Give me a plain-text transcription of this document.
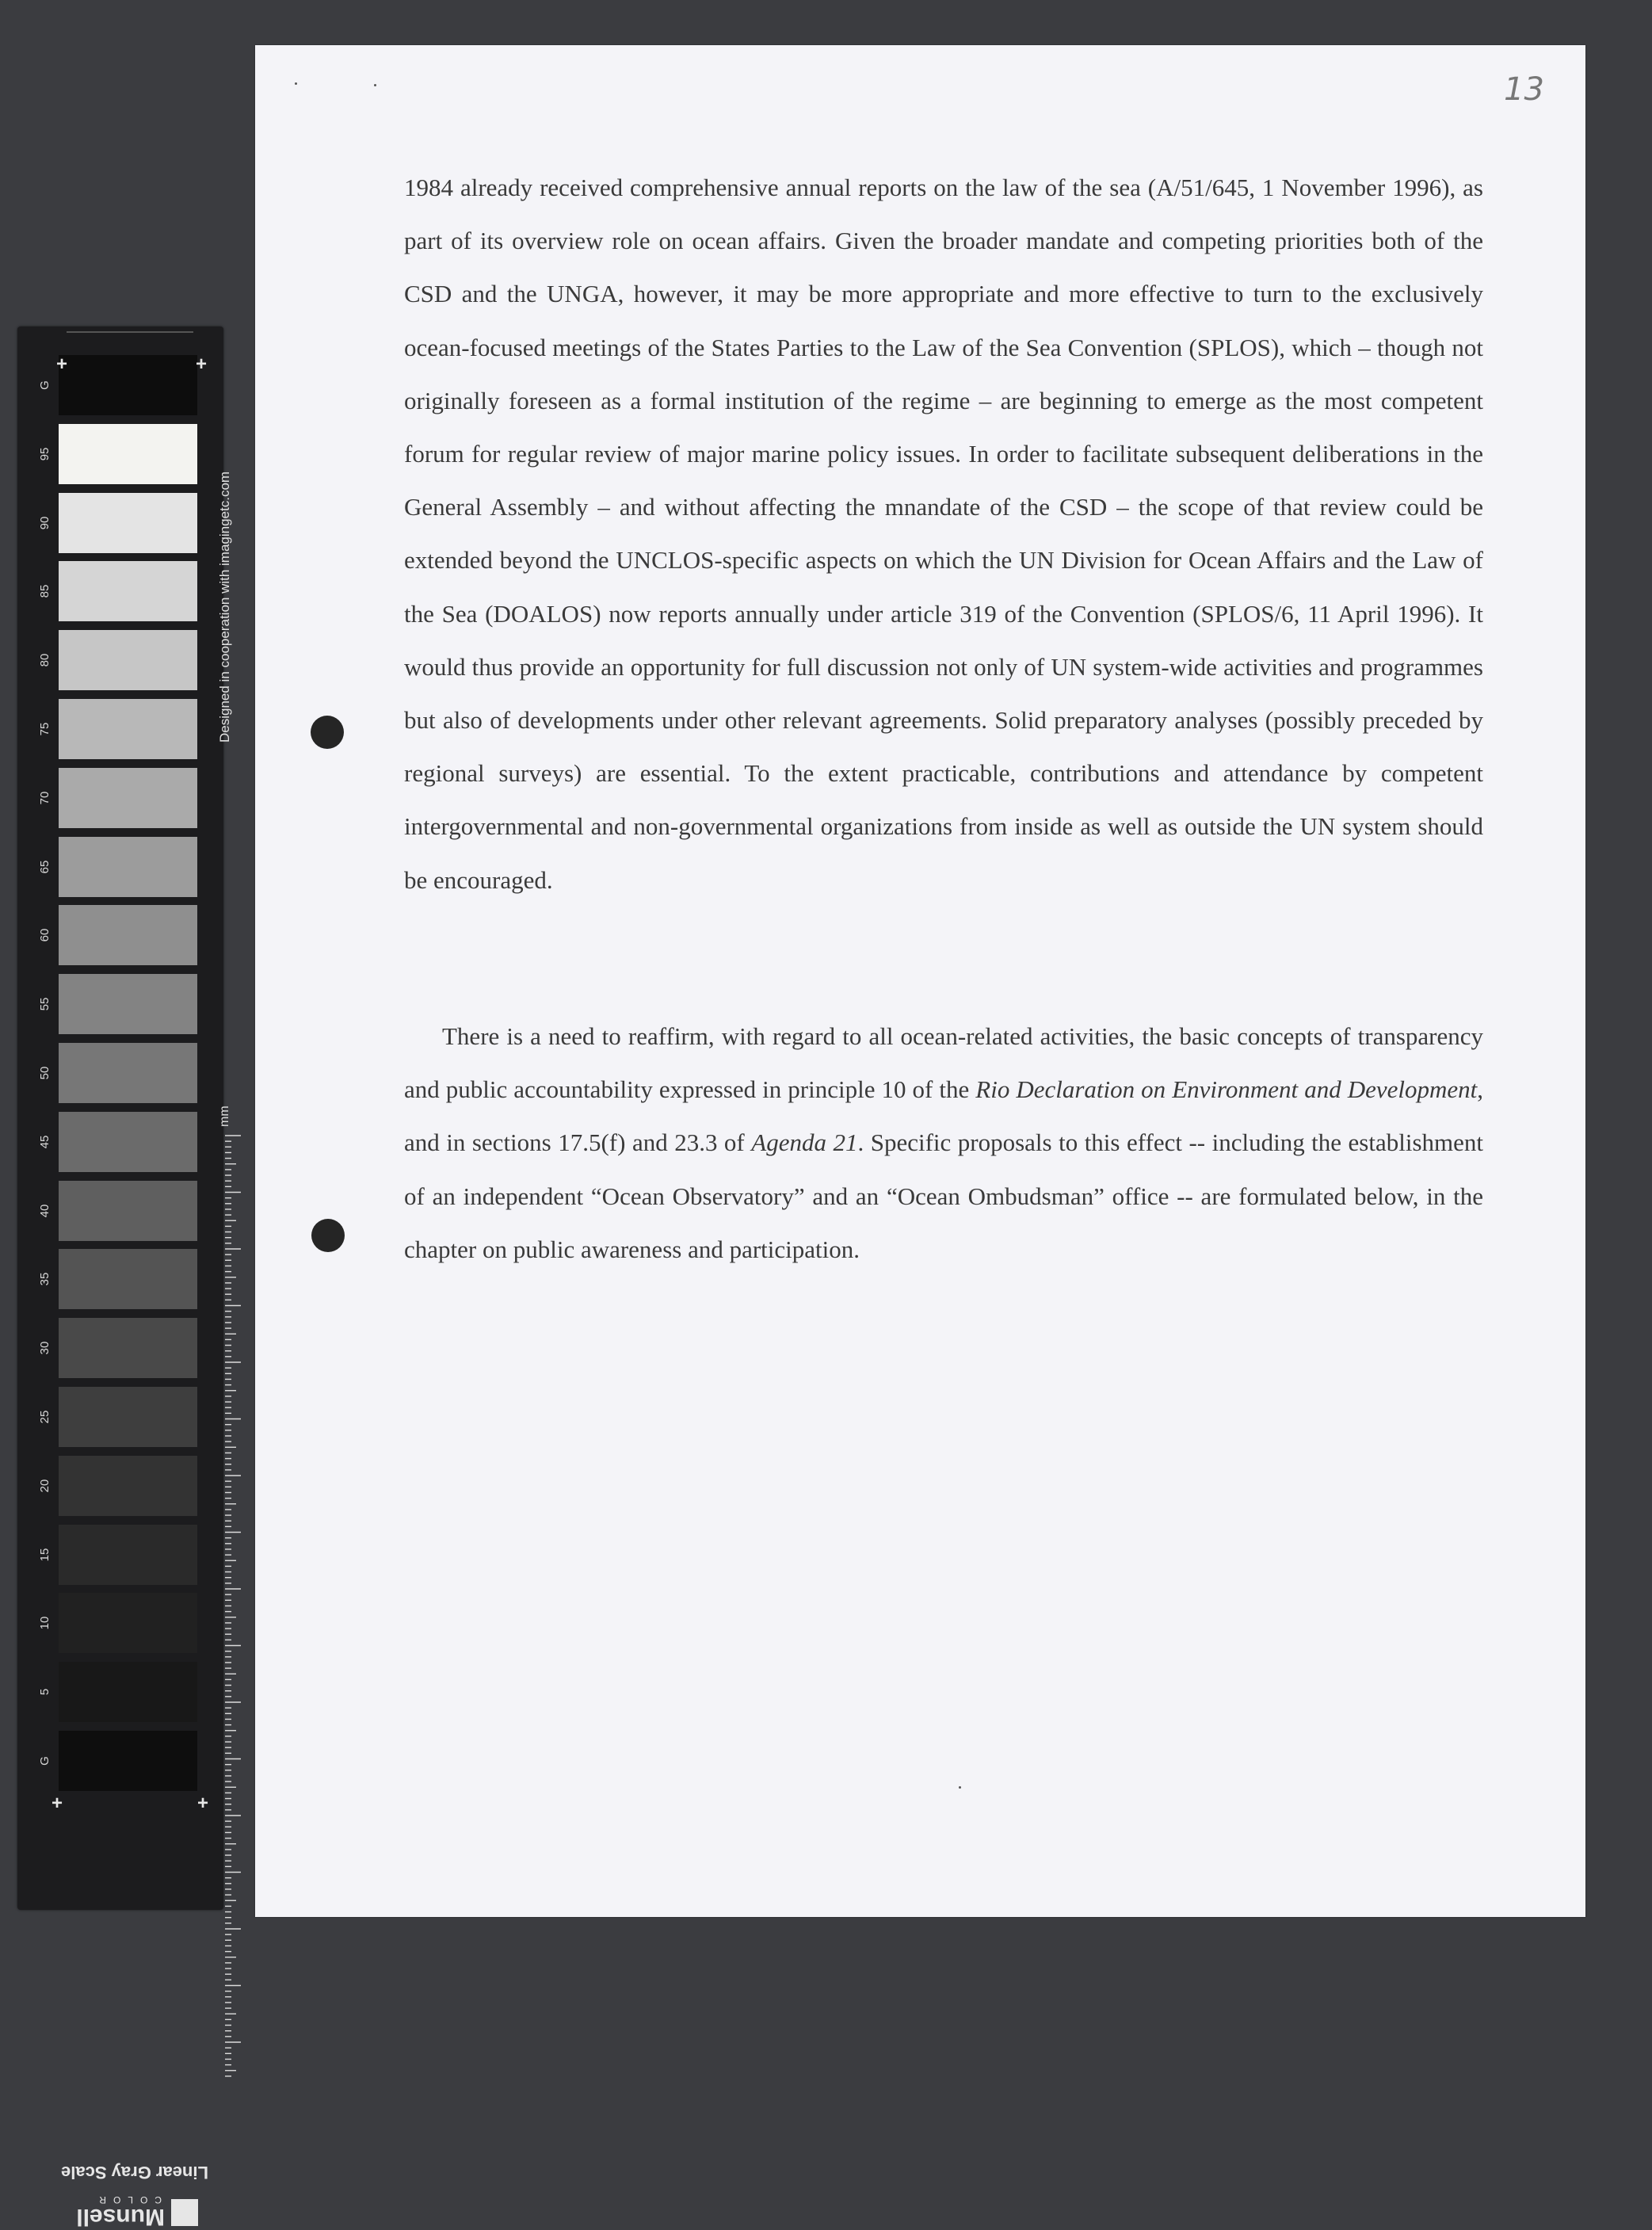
G
95
90
85
80
75
70
65
60
55
50
45
40
35
30
25
20
15
10
5
G
+	+
+	+
Designed in cooperation with imagingetc.com
mm
Linear Gray Scale
Munsell
COLOR
13

1984 already received comprehensive annual reports on the law of the sea (A/51/645, 1 November 1996), as part of its overview role on ocean affairs. Given the broader mandate and competing priorities both of the CSD and the UNGA, however, it may be more appropriate and more effective to turn to the exclusively ocean-focused meetings of the States Parties to the Law of the Sea Convention (SPLOS), which – though not originally foreseen as a formal institution of the regime – are beginning to emerge as the most competent forum for regular review of major marine policy issues. In order to facilitate subsequent deliberations in the General Assembly – and without affecting the mnandate of the CSD – the scope of that review could be extended beyond the UNCLOS-specific aspects on which the UN Division for Ocean Affairs and the Law of the Sea (DOALOS) now reports annually under article 319 of the Convention (SPLOS/6, 11 April 1996). It would thus provide an opportunity for full discussion not only of UN system-wide activities and programmes but also of developments under other relevant agreements. Solid preparatory analyses (possibly preceded by regional surveys) are essential. To the extent practicable, contributions and attendance by competent intergovernmental and non-governmental organizations from inside as well as outside the UN system should be encouraged.

There is a need to reaffirm, with regard to all ocean-related activities, the basic concepts of transparency and public accountability expressed in principle 10 of the Rio Declaration on Environment and Development, and in sections 17.5(f) and 23.3 of Agenda 21. Specific proposals to this effect -- including the establishment of an independent “Ocean Observatory” and an “Ocean Ombudsman” office -- are formulated below, in the chapter on public awareness and participation.
